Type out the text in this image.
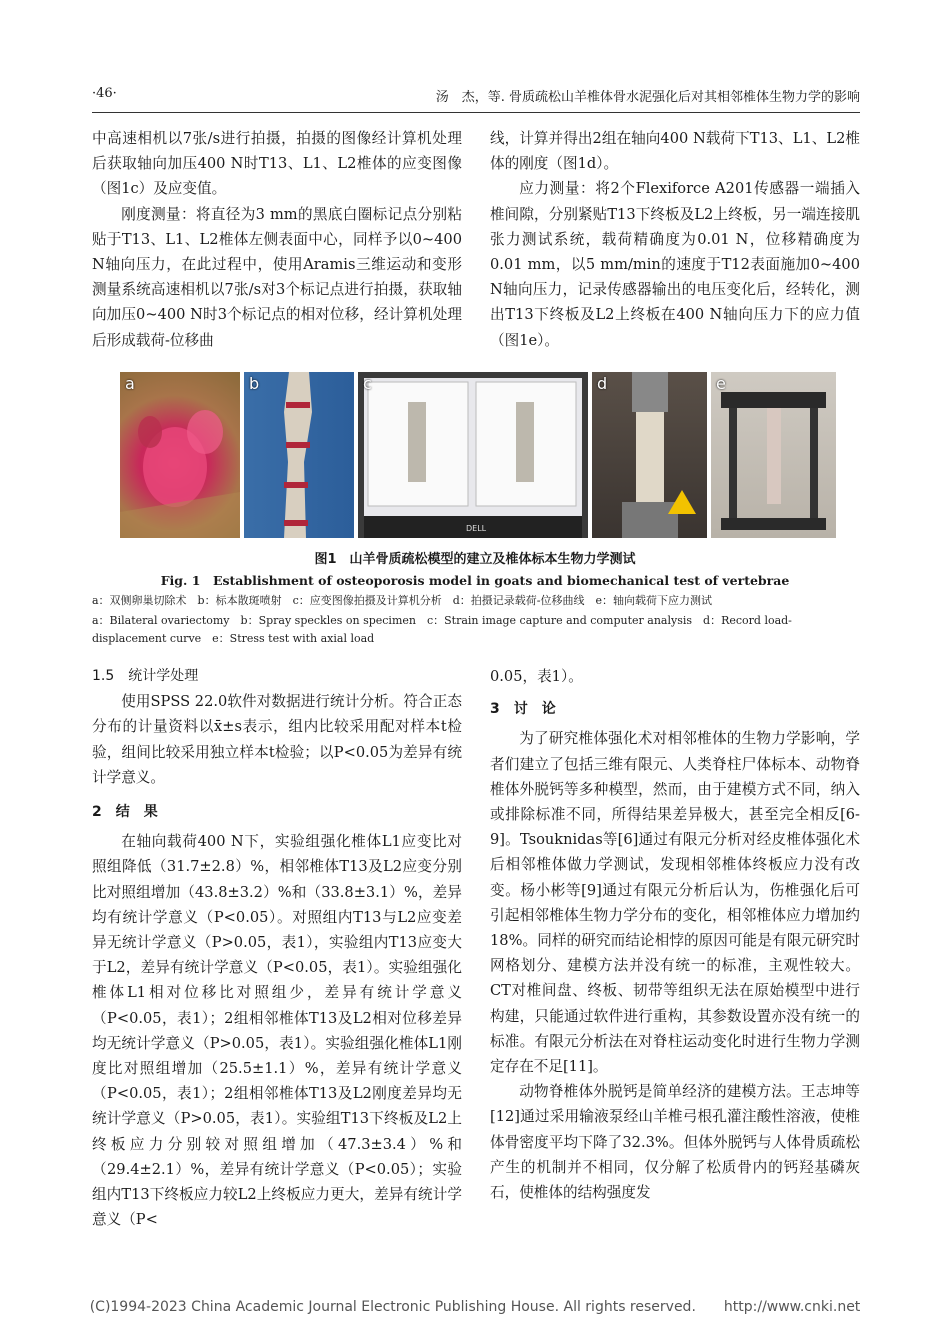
·46·	汤　杰，等. 骨质疏松山羊椎体骨水泥强化后对其相邻椎体生物力学的影响

中高速相机以7张/s进行拍摄，拍摄的图像经计算机处理后获取轴向加压400 N时T13、L1、L2椎体的应变图像（图1c）及应变值。

刚度测量：将直径为3 mm的黑底白圈标记点分别粘贴于T13、L1、L2椎体左侧表面中心，同样予以0~400 N轴向压力，在此过程中，使用Aramis三维运动和变形测量系统高速相机以7张/s对3个标记点进行拍摄，获取轴向加压0~400 N时3个标记点的相对位移，经计算机处理后形成载荷-位移曲

线，计算并得出2组在轴向400 N载荷下T13、L1、L2椎体的刚度（图1d）。

应力测量：将2个Flexiforce A201传感器一端插入椎间隙，分别紧贴T13下终板及L2上终板，另一端连接肌张力测试系统，载荷精确度为0.01 N，位移精确度为0.01 mm，以5 mm/min的速度于T12表面施加0~400 N轴向压力，记录传感器输出的电压变化后，经转化，测出T13下终板及L2上终板在400 N轴向压力下的应力值（图1e）。

a	b
DELL
c	d	e
图1　山羊骨质疏松模型的建立及椎体标本生物力学测试
Fig. 1　Establishment of osteoporosis model in goats and biomechanical test of vertebrae
a：双侧卵巢切除术　b：标本散斑喷射　c：应变图像拍摄及计算机分析　d：拍摄记录载荷-位移曲线　e：轴向载荷下应力测试
a：Bilateral ovariectomy　b：Spray speckles on specimen　c：Strain image capture and computer analysis　d：Record load-displacement curve　e：Stress test with axial load

1.5　统计学处理

使用SPSS 22.0软件对数据进行统计分析。符合正态分布的计量资料以x̄±s表示，组内比较采用配对样本t检验，组间比较采用独立样本t检验；以P<0.05为差异有统计学意义。

2　结　果

在轴向载荷400 N下，实验组强化椎体L1应变比对照组降低（31.7±2.8）%，相邻椎体T13及L2应变分别比对照组增加（43.8±3.2）%和（33.8±3.1）%，差异均有统计学意义（P<0.05）。对照组内T13与L2应变差异无统计学意义（P>0.05，表1），实验组内T13应变大于L2，差异有统计学意义（P<0.05，表1）。实验组强化椎体L1相对位移比对照组少，差异有统计学意义（P<0.05，表1）；2组相邻椎体T13及L2相对位移差异均无统计学意义（P>0.05，表1）。实验组强化椎体L1刚度比对照组增加（25.5±1.1）%，差异有统计学意义（P<0.05，表1）；2组相邻椎体T13及L2刚度差异均无统计学意义（P>0.05，表1）。实验组T13下终板及L2上终板应力分别较对照组增加（47.3±3.4）%和（29.4±2.1）%，差异有统计学意义（P<0.05）；实验组内T13下终板应力较L2上终板应力更大，差异有统计学意义（P<

0.05，表1）。

3　讨　论

为了研究椎体强化术对相邻椎体的生物力学影响，学者们建立了包括三维有限元、人类脊柱尸体标本、动物脊椎体外脱钙等多种模型，然而，由于建模方式不同，纳入或排除标准不同，所得结果差异极大，甚至完全相反[6-9]。Tsouknidas等[6]通过有限元分析对经皮椎体强化术后相邻椎体做力学测试，发现相邻椎体终板应力没有改变。杨小彬等[9]通过有限元分析后认为，伤椎强化后可引起相邻椎体生物力学分布的变化，相邻椎体应力增加约18%。同样的研究而结论相悖的原因可能是有限元研究时网格划分、建模方法并没有统一的标准，主观性较大。CT对椎间盘、终板、韧带等组织无法在原始模型中进行构建，只能通过软件进行重构，其参数设置亦没有统一的标准。有限元分析法在对脊柱运动变化时进行生物力学测定存在不足[11]。

动物脊椎体外脱钙是简单经济的建模方法。王志坤等[12]通过采用输液泵经山羊椎弓根孔灌注酸性溶液，使椎体骨密度平均下降了32.3%。但体外脱钙与人体骨质疏松产生的机制并不相同，仅分解了松质骨内的钙羟基磷灰石，使椎体的结构强度发

(C)1994-2023 China Academic Journal Electronic Publishing House. All rights reserved.　　http://www.cnki.net
